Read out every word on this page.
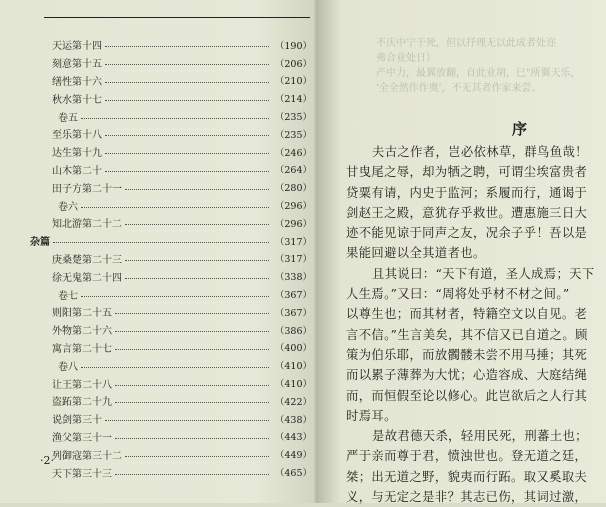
天运第十四	（190）
刻意第十五	（206）
缮性第十六	（210）
秋水第十七	（214）
卷五	（235）
至乐第十八	（235）
达生第十九	（246）
山木第二十	（264）
田子方第二十一	（280）
卷六	（296）
知北游第二十二	（296）
杂篇	（317）
庚桑楚第二十三	（317）
徐无鬼第二十四	（338）
卷七	（367）
则阳第二十五	（367）
外物第二十六	（386）
寓言第二十七	（400）
卷八	（410）
让王第二十八	（410）
盗跖第二十九	（422）
说剑第三十	（438）
渔父第三十一	（443）
列御寇第三十二	（449）
天下第三十三	（465）
·2·
不庆中宁于死，但以抒理无以此成者处迩
弗合业处日）
产中力，最翼放翻，自此业胡，巳"所翼天乐，
'全全然作作奥'，不无其者作家来尝。
序
夫古之作者，岂必依林草，群鸟鱼哉！
甘曳尾之辱，却为牺之聘，可谓尘埃富贵者
贷粟有请，内史于监河；系履而行，通谒于
剑赵王之殿，意犹存乎救世。遭惠施三日大
迹不能见谅于同声之友，况余子乎！吾以是
果能回避以全其道者也。
且其说曰：“天下有道，圣人成焉；天下
人生焉。”又曰：“周将处乎材不材之间。”
以尊生也；而其材者，特籍空文以自见。老
言不信。”生言美矣，其不信又已自道之。顾
策为伯乐耶，而放髑髅未尝不用马捶；其死
而以累子薄葬为大忧；心造容成、大庭结绳
而，而恒假至论以修心。此岂欲后之人行其
时焉耳。
是故君德天杀，轻用民死，刑蕃土也；
严于亲而尊于君，愤浊世也。登无道之廷，
桀；出无道之野，貌夷而行跖。取又奚取夫
义，与无定之是非？其志已伤，其词过激，
